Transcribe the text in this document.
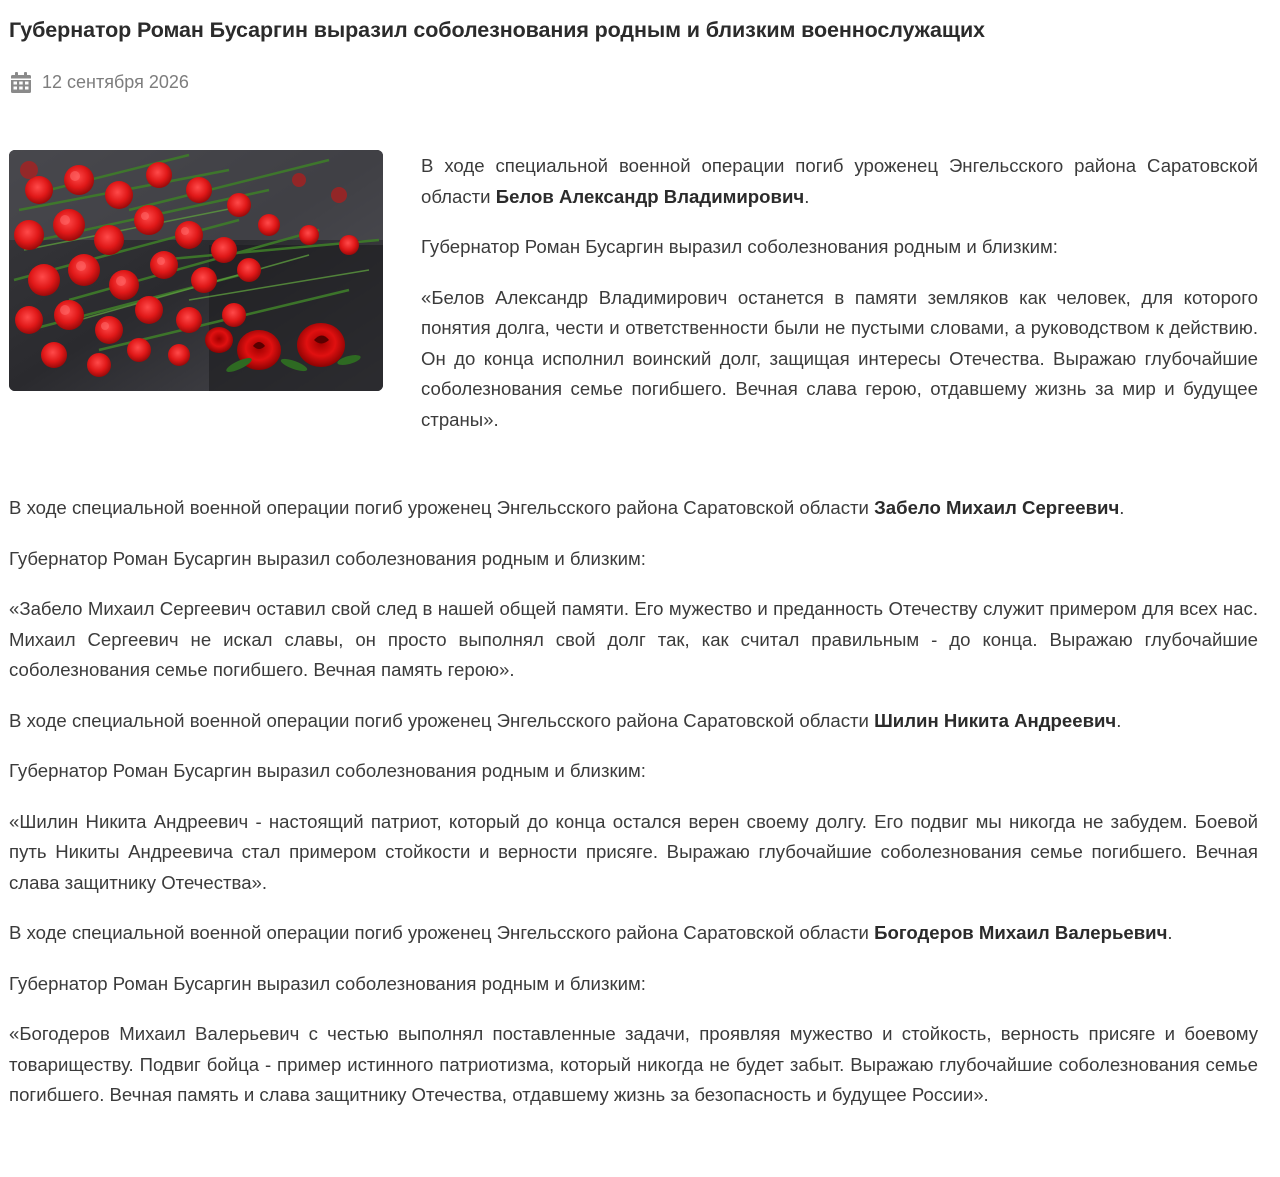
Губернатор Роман Бусаргин выразил соболезнования родным и близким военнослужащих
12 сентября 2026

В ходе специальной военной операции погиб уроженец Энгельсского района Саратовской области Белов Александр Владимирович.

Губернатор Роман Бусаргин выразил соболезнования родным и близким:

«Белов Александр Владимирович останется в памяти земляков как человек, для которого понятия долга, чести и ответственности были не пустыми словами, а руководством к действию. Он до конца исполнил воинский долг, защищая интересы Отечества. Выражаю глубочайшие соболезнования семье погибшего. Вечная слава герою, отдавшему жизнь за мир и будущее страны».

В ходе специальной военной операции погиб уроженец Энгельсского района Саратовской области Забело Михаил Сергеевич.

Губернатор Роман Бусаргин выразил соболезнования родным и близким:

«Забело Михаил Сергеевич оставил свой след в нашей общей памяти. Его мужество и преданность Отечеству служит примером для всех нас. Михаил Сергеевич не искал славы, он просто выполнял свой долг так, как считал правильным - до конца. Выражаю глубочайшие соболезнования семье погибшего. Вечная память герою».

В ходе специальной военной операции погиб уроженец Энгельсского района Саратовской области Шилин Никита Андреевич.

Губернатор Роман Бусаргин выразил соболезнования родным и близким:

«Шилин Никита Андреевич - настоящий патриот, который до конца остался верен своему долгу. Его подвиг мы никогда не забудем. Боевой путь Никиты Андреевича стал примером стойкости и верности присяге. Выражаю глубочайшие соболезнования семье погибшего. Вечная слава защитнику Отечества».

В ходе специальной военной операции погиб уроженец Энгельсского района Саратовской области Богодеров Михаил Валерьевич.

Губернатор Роман Бусаргин выразил соболезнования родным и близким:

«Богодеров Михаил Валерьевич с честью выполнял поставленные задачи, проявляя мужество и стойкость, верность присяге и боевому товариществу. Подвиг бойца - пример истинного патриотизма, который никогда не будет забыт. Выражаю глубочайшие соболезнования семье погибшего. Вечная память и слава защитнику Отечества, отдавшему жизнь за безопасность и будущее России».
